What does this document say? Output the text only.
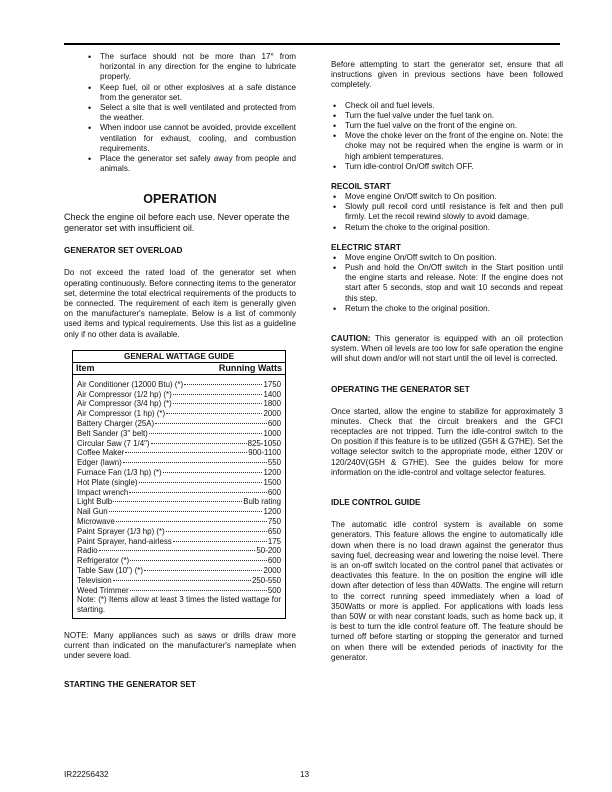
• The surface should not be more than 17° from horizontal in any direction for the engine to lubricate properly.
• Keep fuel, oil or other explosives at a safe distance from the generator set.
• Select a site that is well ventilated and protected from the weather.
• When indoor use cannot be avoided, provide excellent ventilation for exhaust, cooling, and combustion requirements.
• Place the generator set safely away from people and animals.
OPERATION

Check the engine oil before each use. Never operate the generator set with insufficient oil.

GENERATOR SET OVERLOAD

Do not exceed the rated load of the generator set when operating continuously. Before connecting items to the generator set, determine the total electrical requirements of the products to be connected. The requirement of each item is generally given on the manufacturer's nameplate. Below is a list of commonly used items and typical requirements. Use this list as a guideline only if no other data is available.

GENERAL WATTAGE GUIDE
Item	Running Watts
Air Conditioner (12000 Btu) (*)	1750
Air Compressor (1/2 hp) (*)	1400
Air Compressor (3/4 hp) (*)	1800
Air Compressor (1 hp) (*)	2000
Battery Charger (25A)	600
Belt Sander (3" belt)	1000
Circular Saw (7 1/4")	825-1050
Coffee Maker	900-1100
Edger (lawn)	550
Furnace Fan (1/3 hp) (*)	1200
Hot Plate (single)	1500
Impact wrench	600
Light Bulb	Bulb rating
Nail Gun	1200
Microwave	750
Paint Sprayer (1/3 hp) (*)	650
Paint Sprayer, hand-airless	175
Radio	50-200
Refrigerator (*)	600
Table Saw (10") (*)	2000
Television	250-550
Weed Trimmer	500
Note: (*) Items allow at least 3 times the listed wattage for starting.

NOTE: Many appliances such as saws or drills draw more current than indicated on the manufacturer's nameplate when under severe load.

STARTING THE GENERATOR SET

Before attempting to start the generator set, ensure that all instructions given in previous sections have been followed completely.

• Check oil and fuel levels.
• Turn the fuel valve under the fuel tank on.
• Turn the fuel valve on the front of the engine on.
• Move the choke lever on the front of the engine on. Note: the choke may not be required when the engine is warm or in high ambient temperatures.
• Turn idle-control On/Off switch OFF.
RECOIL START
• Move engine On/Off switch to On position.
• Slowly pull recoil cord until resistance is felt and then pull firmly. Let the recoil rewind slowly to avoid damage.
• Return the choke to the original position.
ELECTRIC START
• Move engine On/Off switch to On position.
• Push and hold the On/Off switch in the Start position until the engine starts and release. Note: If the engine does not start after 5 seconds, stop and wait 10 seconds and repeat this step.
• Return the choke to the original position.

CAUTION: This generator is equipped with an oil protection system. When oil levels are too low for safe operation the engine will shut down and/or will not start until the oil level is corrected.

OPERATING THE GENERATOR SET

Once started, allow the engine to stabilize for approximately 3 minutes. Check that the circuit breakers and the GFCI receptacles are not tripped. Turn the idle-control switch to the On position if this feature is to be utilized (G5H & G7HE). Set the voltage selector switch to the appropriate mode, either 120V or 120/240V(G5H & G7HE). See the guides below for more information on the idle-control and voltage selector features.

IDLE CONTROL GUIDE

The automatic idle control system is available on some generators. This feature allows the engine to automatically idle down when there is no load drawn against the generator thus saving fuel, decreasing wear and lowering the noise level. There is an on-off switch located on the control panel that activates or deactivates this feature. In the on position the engine will idle down after detection of less than 40Watts. The engine will return to the correct running speed immediately when a load of 350Watts or more is applied. For applications with loads less than 50W or with near constant loads, such as home back up, it is best to turn the idle control feature off. The feature should be turned off before starting or stopping the generator and turned on when there will be extended periods of inactivity for the generator.

IR22256432	13
